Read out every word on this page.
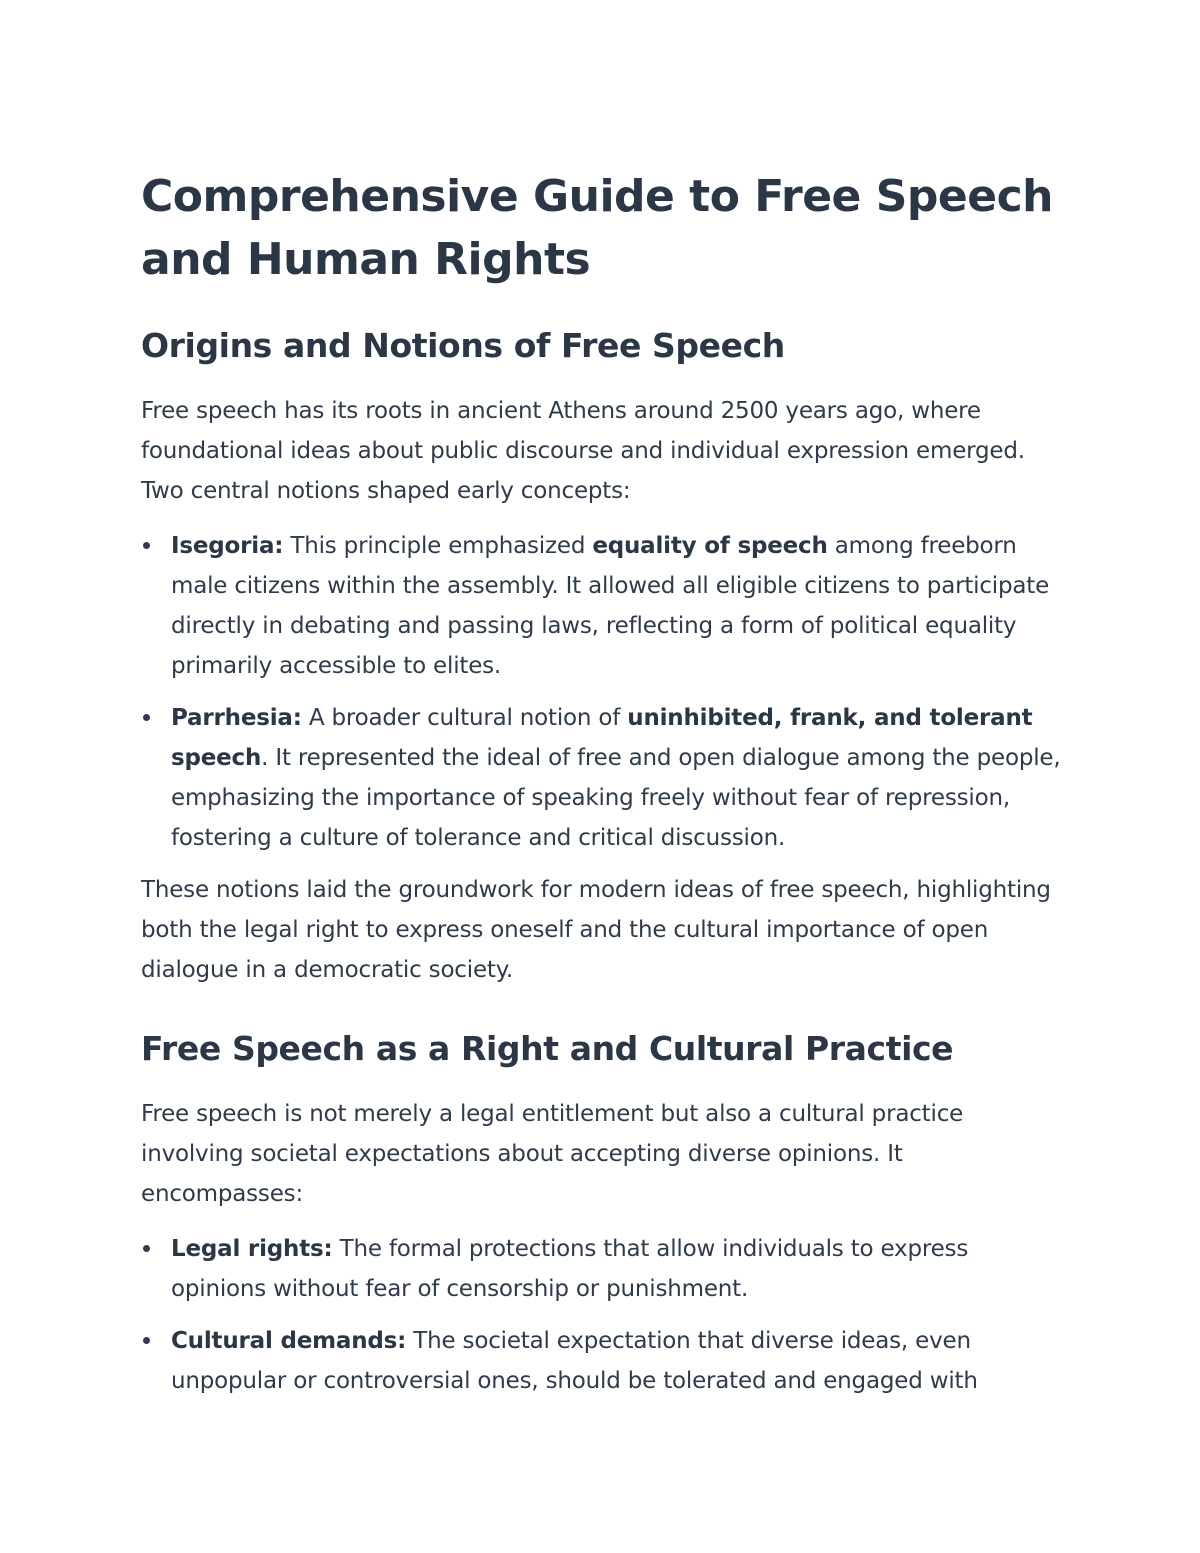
Comprehensive Guide to Free Speech and Human Rights
Origins and Notions of Free Speech

Free speech has its roots in ancient Athens around 2500 years ago, where foundational ideas about public discourse and individual expression emerged. Two central notions shaped early concepts:

Isegoria: This principle emphasized equality of speech among freeborn male citizens within the assembly. It allowed all eligible citizens to participate directly in debating and passing laws, reflecting a form of political equality primarily accessible to elites.
Parrhesia: A broader cultural notion of uninhibited, frank, and tolerant speech. It represented the ideal of free and open dialogue among the people, emphasizing the importance of speaking freely without fear of repression, fostering a culture of tolerance and critical discussion.

These notions laid the groundwork for modern ideas of free speech, highlighting both the legal right to express oneself and the cultural importance of open dialogue in a democratic society.

Free Speech as a Right and Cultural Practice

Free speech is not merely a legal entitlement but also a cultural practice involving societal expectations about accepting diverse opinions. It encompasses:

Legal rights: The formal protections that allow individuals to express opinions without fear of censorship or punishment.
Cultural demands: The societal expectation that diverse ideas, even unpopular or controversial ones, should be tolerated and engaged with
